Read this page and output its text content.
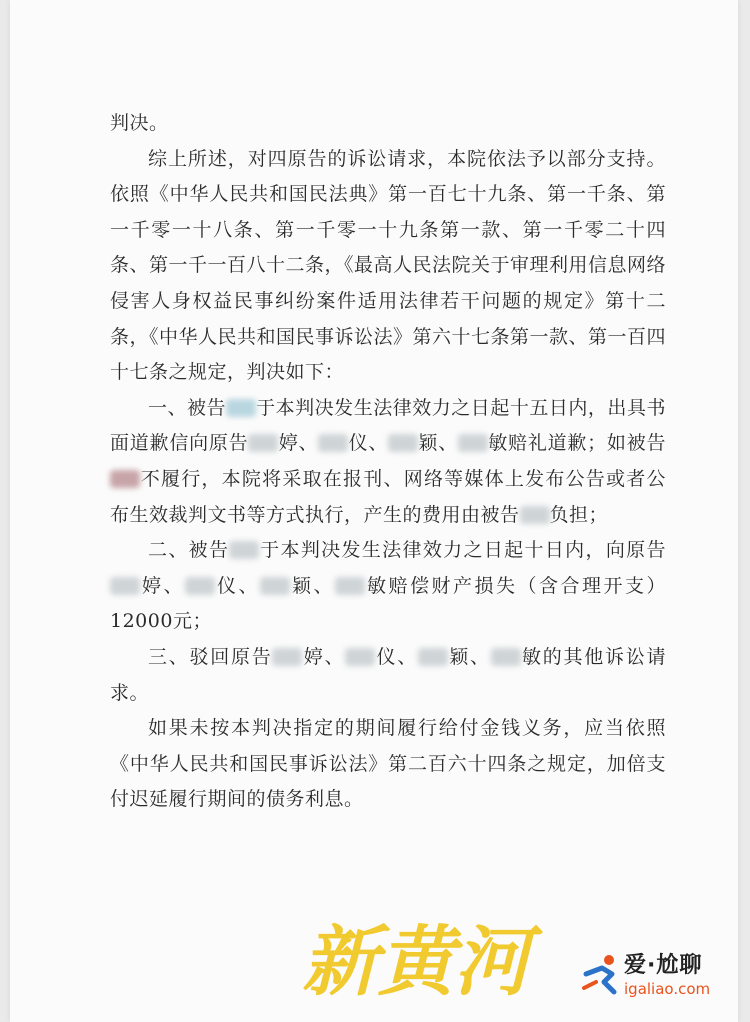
判决。

综上所述，对四原告的诉讼请求，本院依法予以部分支持。依照《中华人民共和国民法典》第一百七十九条、第一千条、第一千零一十八条、第一千零一十九条第一款、第一千零二十四条、第一千一百八十二条，《最高人民法院关于审理利用信息网络侵害人身权益民事纠纷案件适用法律若干问题的规定》第十二条，《中华人民共和国民事诉讼法》第六十七条第一款、第一百四十七条之规定，判决如下：

一、被告 于本判决发生法律效力之日起十五日内，出具书面道歉信向原告 婷、 仪、 颖、 敏赔礼道歉；如被告不履行，本院将采取在报刊、网络等媒体上发布公告或者公布生效裁判文书等方式执行，产生的费用由被告 负担；

二、被告 于本判决发生法律效力之日起十日内，向原告婷、 仪、 颖、 敏赔偿财产损失（含合理开支）12000元；

三、驳回原告 婷、 仪、 颖、 敏的其他诉讼请求。

如果未按本判决指定的期间履行给付金钱义务，应当依照《中华人民共和国民事诉讼法》第二百六十四条之规定，加倍支付迟延履行期间的债务利息。

新黄河	爱·尬聊
igaliao.com
